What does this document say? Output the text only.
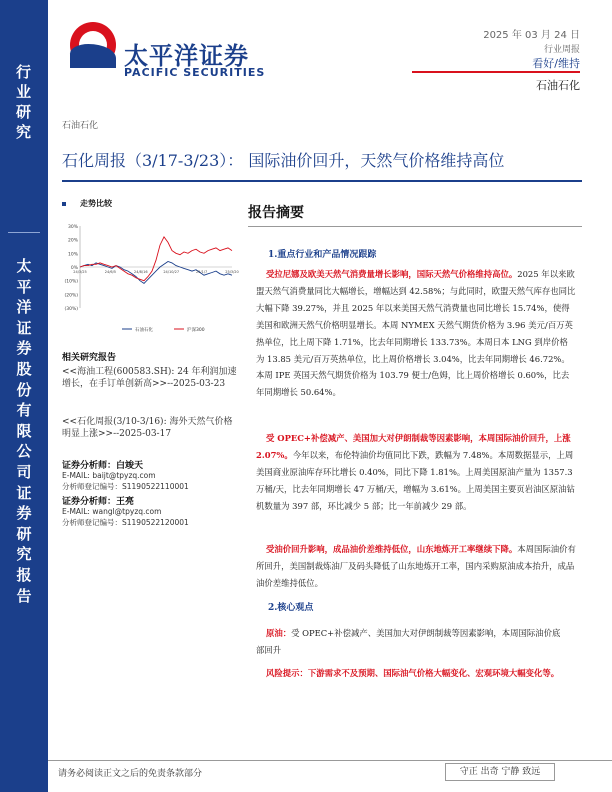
行
业
研
究
太
平
洋
证
券
股
份
有
限
公
司
证
券
研
究
报
告
太平洋证券
PACIFIC SECURITIES
2025 年 03 月 24 日
行业周报
看好/维持
石油石化
石油石化
石化周报（3/17-3/23）： 国际油价回升，天然气价格维持高位
走势比较
30%
20%
10%
0%
(10%)
(20%)
(30%)
24/3/25	24/6/5	24/8/16	24/10/27	25/1/7	25/3/20
石油石化	沪深300
相关研究报告
<<海油工程(600583.SH): 24 年利润加速增长，在手订单创新高>>--2025-03-23
<<石化周报(3/10-3/16): 海外天然气价格明显上涨>>--2025-03-17
证券分析师：白竣天
E-MAIL: baijt@tpyzq.com
分析师登记编号：S1190522110001
证券分析师：王亮
E-MAIL: wangl@tpyzq.com
分析师登记编号：S1190522120001
报告摘要
1.重点行业和产品情况跟踪
受拉尼娜及欧美天然气消费量增长影响，国际天然气价格维持高位。2025 年以来欧盟天然气消费量同比大幅增长，增幅达到 42.58%；与此同时，欧盟天然气库存也同比大幅下降 39.27%，并且 2025 年以来美国天然气消费量也同比增长 15.74%，使得美国和欧洲天然气价格明显增长。本周 NYMEX 天然气期货价格为 3.96 美元/百万英热单位，比上周下降 1.71%，比去年同期增长 133.73%。本周日本 LNG 到岸价格为 13.85 美元/百万英热单位，比上周价格增长 3.04%，比去年同期增长 46.72%。本周 IPE 英国天然气期货价格为 103.79 便士/色姆，比上周价格增长 0.60%，比去年同期增长 50.64%。
受 OPEC+补偿减产、美国加大对伊朗制裁等因素影响，本周国际油价回升，上涨 2.07%。今年以来，布伦特油价均值同比下跌，跌幅为 7.48%。本周数据显示，上周美国商业原油库存环比增长 0.40%，同比下降 1.81%。上周美国原油产量为 1357.3 万桶/天，比去年同期增长 47 万桶/天，增幅为 3.61%。上周美国主要页岩油区原油钻机数量为 397 部，环比减少 5 部；比一年前减少 29 部。
受油价回升影响，成品油价差维持低位，山东地炼开工率继续下降。本周国际油价有所回升，美国制裁炼油厂及码头降低了山东地炼开工率，国内采购原油成本抬升，成品油价差维持低位。
2.核心观点
原油：受 OPEC+补偿减产、美国加大对伊朗制裁等因素影响，本周国际油价底部回升
风险提示：下游需求不及预期、国际油气价格大幅变化、宏观环境大幅变化等。
请务必阅读正文之后的免责条款部分	守正 出奇 宁静 致远
